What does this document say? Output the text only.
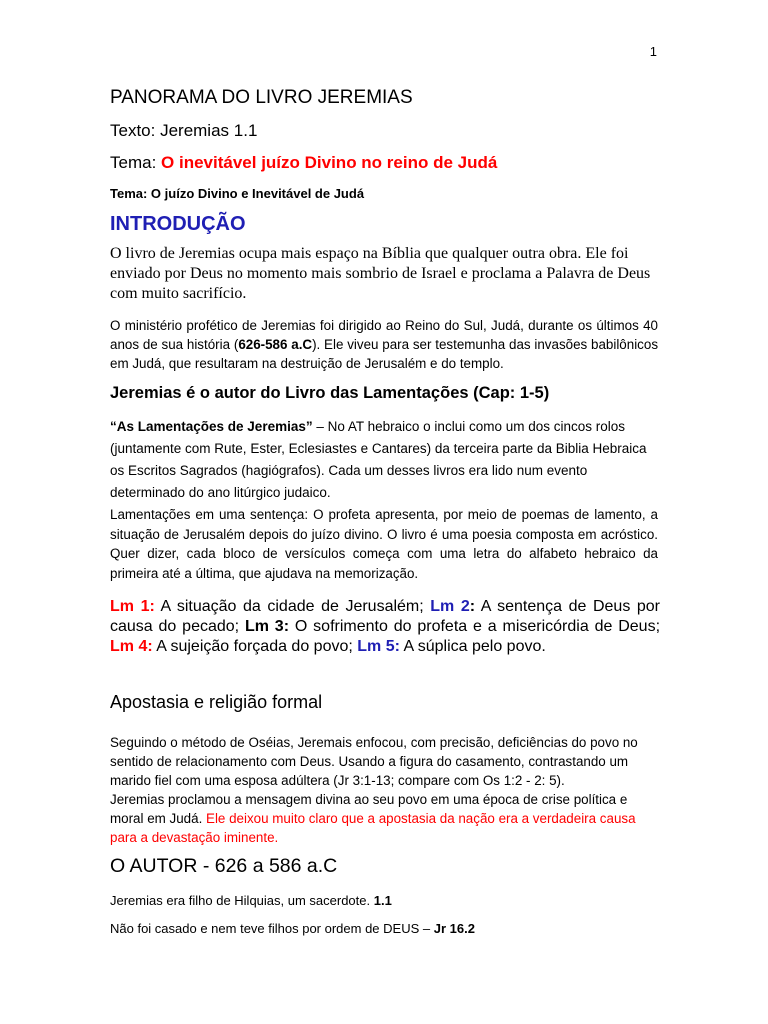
1
PANORAMA DO LIVRO JEREMIAS
Texto: Jeremias 1.1
Tema: O inevitável juízo Divino no reino de Judá
Tema: O juízo Divino e Inevitável de Judá
INTRODUÇÃO

O livro de Jeremias ocupa mais espaço na Bíblia que qualquer outra obra. Ele foi enviado por Deus no momento mais sombrio de Israel e proclama a Palavra de Deus com muito sacrifício.

O ministério profético de Jeremias foi dirigido ao Reino do Sul, Judá, durante os últimos 40 anos de sua história (626-586 a.C). Ele viveu para ser testemunha das invasões babilônicos em Judá, que resultaram na destruição de Jerusalém e do templo.

Jeremias é o autor do Livro das Lamentações (Cap: 1-5)

“As Lamentações de Jeremias” – No AT hebraico o inclui como um dos cincos rolos (juntamente com Rute, Ester, Eclesiastes e Cantares) da terceira parte da Biblia Hebraica os Escritos Sagrados (hagiógrafos). Cada um desses livros era lido num evento determinado do ano litúrgico judaico.

Lamentações em uma sentença: O profeta apresenta, por meio de poemas de lamento, a situação de Jerusalém depois do juízo divino. O livro é uma poesia composta em acróstico. Quer dizer, cada bloco de versículos começa com uma letra do alfabeto hebraico da primeira até a última, que ajudava na memorização.

Lm 1: A situação da cidade de Jerusalém; Lm 2: A sentença de Deus por causa do pecado; Lm 3: O sofrimento do profeta e a misericórdia de Deus; Lm 4: A sujeição forçada do povo; Lm 5: A súplica pelo povo.

Apostasia e religião formal
Seguindo o método de Oséias, Jeremais enfocou, com precisão, deficiências do povo no sentido de relacionamento com Deus. Usando a figura do casamento, contrastando um marido fiel com uma esposa adúltera (Jr 3:1-13; compare com Os 1:2 - 2: 5).
Jeremias proclamou a mensagem divina ao seu povo em uma época de crise política e moral em Judá. Ele deixou muito claro que a apostasia da nação era a verdadeira causa para a devastação iminente.
O AUTOR - 626 a 586 a.C
Jeremias era filho de Hilquias, um sacerdote. 1.1
Não foi casado e nem teve filhos por ordem de DEUS – Jr 16.2
